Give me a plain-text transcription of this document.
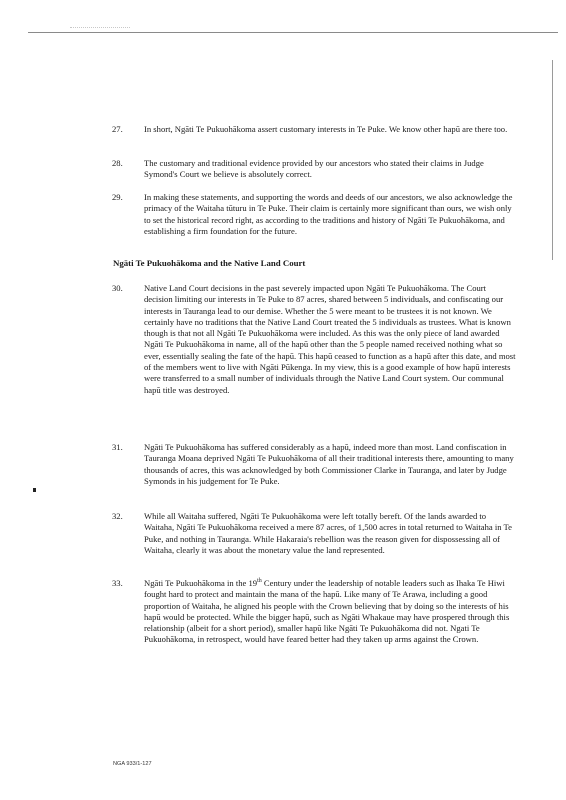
27.	In short, Ngāti Te Pukuohākoma assert customary interests in Te Puke. We know other hapū are there too.
28.	The customary and traditional evidence provided by our ancestors who stated their claims in Judge Symond's Court we believe is absolutely correct.
29.	In making these statements, and supporting the words and deeds of our ancestors, we also acknowledge the primacy of the Waitaha tūturu in Te Puke. Their claim is certainly more significant than ours, we wish only to set the historical record right, as according to the traditions and history of Ngāti Te Pukuohākoma, and establishing a firm foundation for the future.
Ngāti Te Pukuohākoma and the Native Land Court
30.	Native Land Court decisions in the past severely impacted upon Ngāti Te Pukuohākoma. The Court decision limiting our interests in Te Puke to 87 acres, shared between 5 individuals, and confiscating our interests in Tauranga lead to our demise. Whether the 5 were meant to be trustees it is not known. We certainly have no traditions that the Native Land Court treated the 5 individuals as trustees. What is known though is that not all Ngāti Te Pukuohākoma were included. As this was the only piece of land awarded Ngāti Te Pukuohākoma in name, all of the hapū other than the 5 people named received nothing what so ever, essentially sealing the fate of the hapū. This hapū ceased to function as a hapū after this date, and most of the members went to live with Ngāti Pūkenga. In my view, this is a good example of how hapū interests were transferred to a small number of individuals through the Native Land Court system. Our communal hapū title was destroyed.
31.	Ngāti Te Pukuohākoma has suffered considerably as a hapū, indeed more than most. Land confiscation in Tauranga Moana deprived Ngāti Te Pukuohākoma of all their traditional interests there, amounting to many thousands of acres, this was acknowledged by both Commissioner Clarke in Tauranga, and later by Judge Symonds in his judgement for Te Puke.
32.	While all Waitaha suffered, Ngāti Te Pukuohākoma were left totally bereft. Of the lands awarded to Waitaha, Ngāti Te Pukuohākoma received a mere 87 acres, of 1,500 acres in total returned to Waitaha in Te Puke, and nothing in Tauranga. While Hakaraia's rebellion was the reason given for dispossessing all of Waitaha, clearly it was about the monetary value the land represented.
33.	Ngāti Te Pukuohākoma in the 19th Century under the leadership of notable leaders such as Ihaka Te Hiwi fought hard to protect and maintain the mana of the hapū. Like many of Te Arawa, including a good proportion of Waitaha, he aligned his people with the Crown believing that by doing so the interests of his hapū would be protected. While the bigger hapū, such as Ngāti Whakaue may have prospered through this relationship (albeit for a short period), smaller hapū like Ngāti Te Pukuohākoma did not. Ngati Te Pukuohākoma, in retrospect, would have feared better had they taken up arms against the Crown.
NGA 933/1-127
